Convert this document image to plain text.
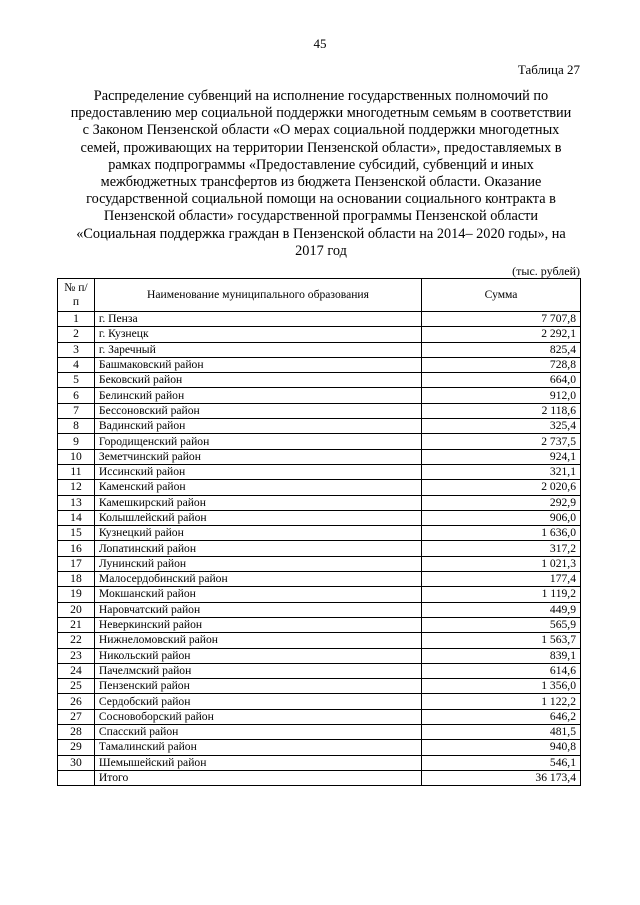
45
Таблица 27
Распределение субвенций на исполнение государственных полномочий по предоставлению мер социальной поддержки многодетным семьям в соответствии с Законом Пензенской области «О мерах социальной поддержки многодетных семей, проживающих на территории Пензенской области», предоставляемых в рамках подпрограммы «Предоставление субсидий, субвенций и иных межбюджетных трансфертов из бюджета Пензенской области. Оказание государственной социальной помощи на основании социального контракта в Пензенской области» государственной программы Пензенской области «Социальная поддержка граждан в Пензенской области на 2014– 2020 годы», на 2017 год
(тыс. рублей)
№ п/п	Наименование муниципального образования	Сумма
1	г. Пенза	7 707,8
2	г. Кузнецк	2 292,1
3	г. Заречный	825,4
4	Башмаковский район	728,8
5	Бековский район	664,0
6	Белинский район	912,0
7	Бессоновский район	2 118,6
8	Вадинский район	325,4
9	Городищенский район	2 737,5
10	Земетчинский район	924,1
11	Иссинский район	321,1
12	Каменский район	2 020,6
13	Камешкирский район	292,9
14	Колышлейский район	906,0
15	Кузнецкий район	1 636,0
16	Лопатинский район	317,2
17	Лунинский район	1 021,3
18	Малосердобинский район	177,4
19	Мокшанский район	1 119,2
20	Наровчатский район	449,9
21	Неверкинский район	565,9
22	Нижнеломовский район	1 563,7
23	Никольский район	839,1
24	Пачелмский район	614,6
25	Пензенский район	1 356,0
26	Сердобский район	1 122,2
27	Сосновоборский район	646,2
28	Спасский район	481,5
29	Тамалинский район	940,8
30	Шемышейский район	546,1
	Итого	36 173,4
